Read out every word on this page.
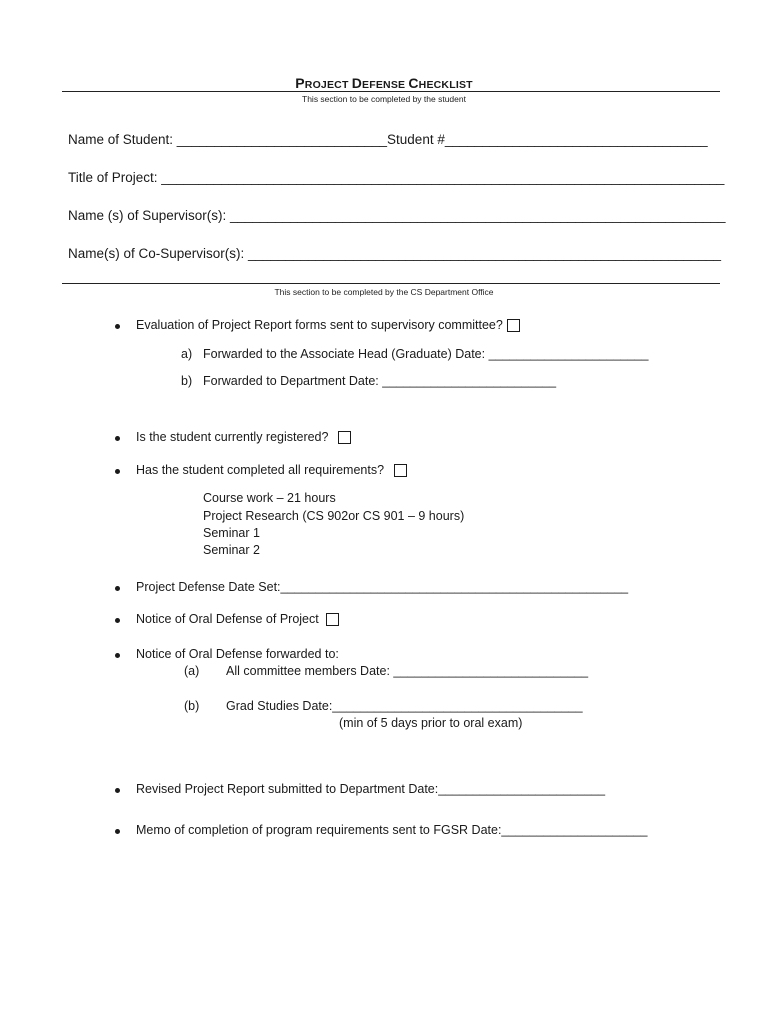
PROJECT DEFENSE CHECKLIST
This section to be completed by the student
Name of Student: ____________________________Student #___________________________________
Title of Project: ___________________________________________________________________________
Name (s) of Supervisor(s): __________________________________________________________________
Name(s) of Co-Supervisor(s): _______________________________________________________________
This section to be completed by the CS Department Office
Evaluation of Project Report forms sent to supervisory committee?
a) Forwarded to the Associate Head (Graduate) Date: _______________________
b) Forwarded to Department Date: _________________________
Is the student currently registered?
Has the student completed all requirements?
Course work – 21 hours
Project Research (CS 902or CS 901 – 9 hours)
Seminar 1
Seminar 2
Project Defense Date Set:__________________________________________________
Notice of Oral Defense of Project
Notice of Oral Defense forwarded to:
(a) All committee members Date: ____________________________
(b) Grad Studies Date:____________________________________
(min of 5 days prior to oral exam)
Revised Project Report submitted to Department Date:________________________
Memo of completion of program requirements sent to FGSR Date:_____________________
